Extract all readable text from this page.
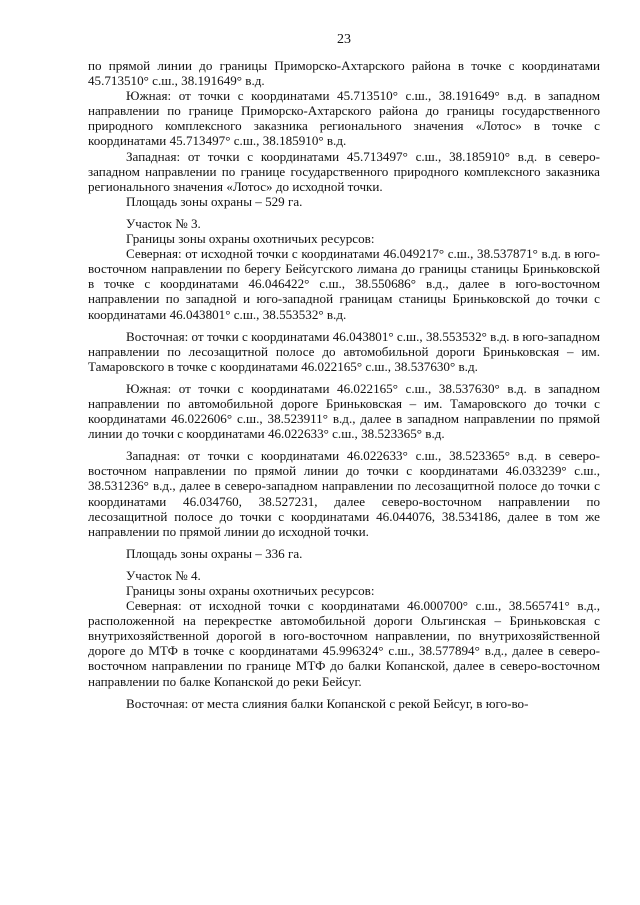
23

по прямой линии до границы Приморско-Ахтарского района в точке с координатами 45.713510° с.ш., 38.191649° в.д.

Южная: от точки с координатами 45.713510° с.ш., 38.191649° в.д. в западном направлении по границе Приморско-Ахтарского района до границы государственного природного комплексного заказника регионального значения «Лотос» в точке с координатами 45.713497° с.ш., 38.185910° в.д.

Западная: от точки с координатами 45.713497° с.ш., 38.185910° в.д. в северо-западном направлении по границе государственного природного комплексного заказника регионального значения «Лотос» до исходной точки.

Площадь зоны охраны – 529 га.

Участок № 3.

Границы зоны охраны охотничьих ресурсов:

Северная: от исходной точки с координатами 46.049217° с.ш., 38.537871° в.д. в юго-восточном направлении по берегу Бейсугского лимана до границы станицы Бриньковской в точке с координатами 46.046422° с.ш., 38.550686° в.д., далее в юго-восточном направлении по западной и юго-западной границам станицы Бриньковской до точки с координатами 46.043801° с.ш., 38.553532° в.д.

Восточная: от точки с координатами 46.043801° с.ш., 38.553532° в.д. в юго-западном направлении по лесозащитной полосе до автомобильной дороги Бриньковская – им. Тамаровского в точке с координатами 46.022165° с.ш., 38.537630° в.д.

Южная: от точки с координатами 46.022165° с.ш., 38.537630° в.д. в западном направлении по автомобильной дороге Бриньковская – им. Тамаровского до точки с координатами 46.022606° с.ш., 38.523911° в.д., далее в западном направлении по прямой линии до точки с координатами 46.022633° с.ш., 38.523365° в.д.

Западная: от точки с координатами 46.022633° с.ш., 38.523365° в.д. в северо-восточном направлении по прямой линии до точки с координатами 46.033239° с.ш., 38.531236° в.д., далее в северо-западном направлении по лесозащитной полосе до точки с координатами 46.034760, 38.527231, далее северо-восточном направлении по лесозащитной полосе до точки с координатами 46.044076, 38.534186, далее в том же направлении по прямой линии до исходной точки.

Площадь зоны охраны – 336 га.

Участок № 4.

Границы зоны охраны охотничьих ресурсов:

Северная: от исходной точки с координатами 46.000700° с.ш., 38.565741° в.д., расположенной на перекрестке автомобильной дороги Ольгинская – Бриньковская с внутрихозяйственной дорогой в юго-восточном направлении, по внутрихозяйственной дороге до МТФ в точке с координатами 45.996324° с.ш., 38.577894° в.д., далее в северо-восточном направлении по границе МТФ до балки Копанской, далее в северо-восточном направлении по балке Копанской до реки Бейсуг.

Восточная: от места слияния балки Копанской с рекой Бейсуг, в юго-во-
